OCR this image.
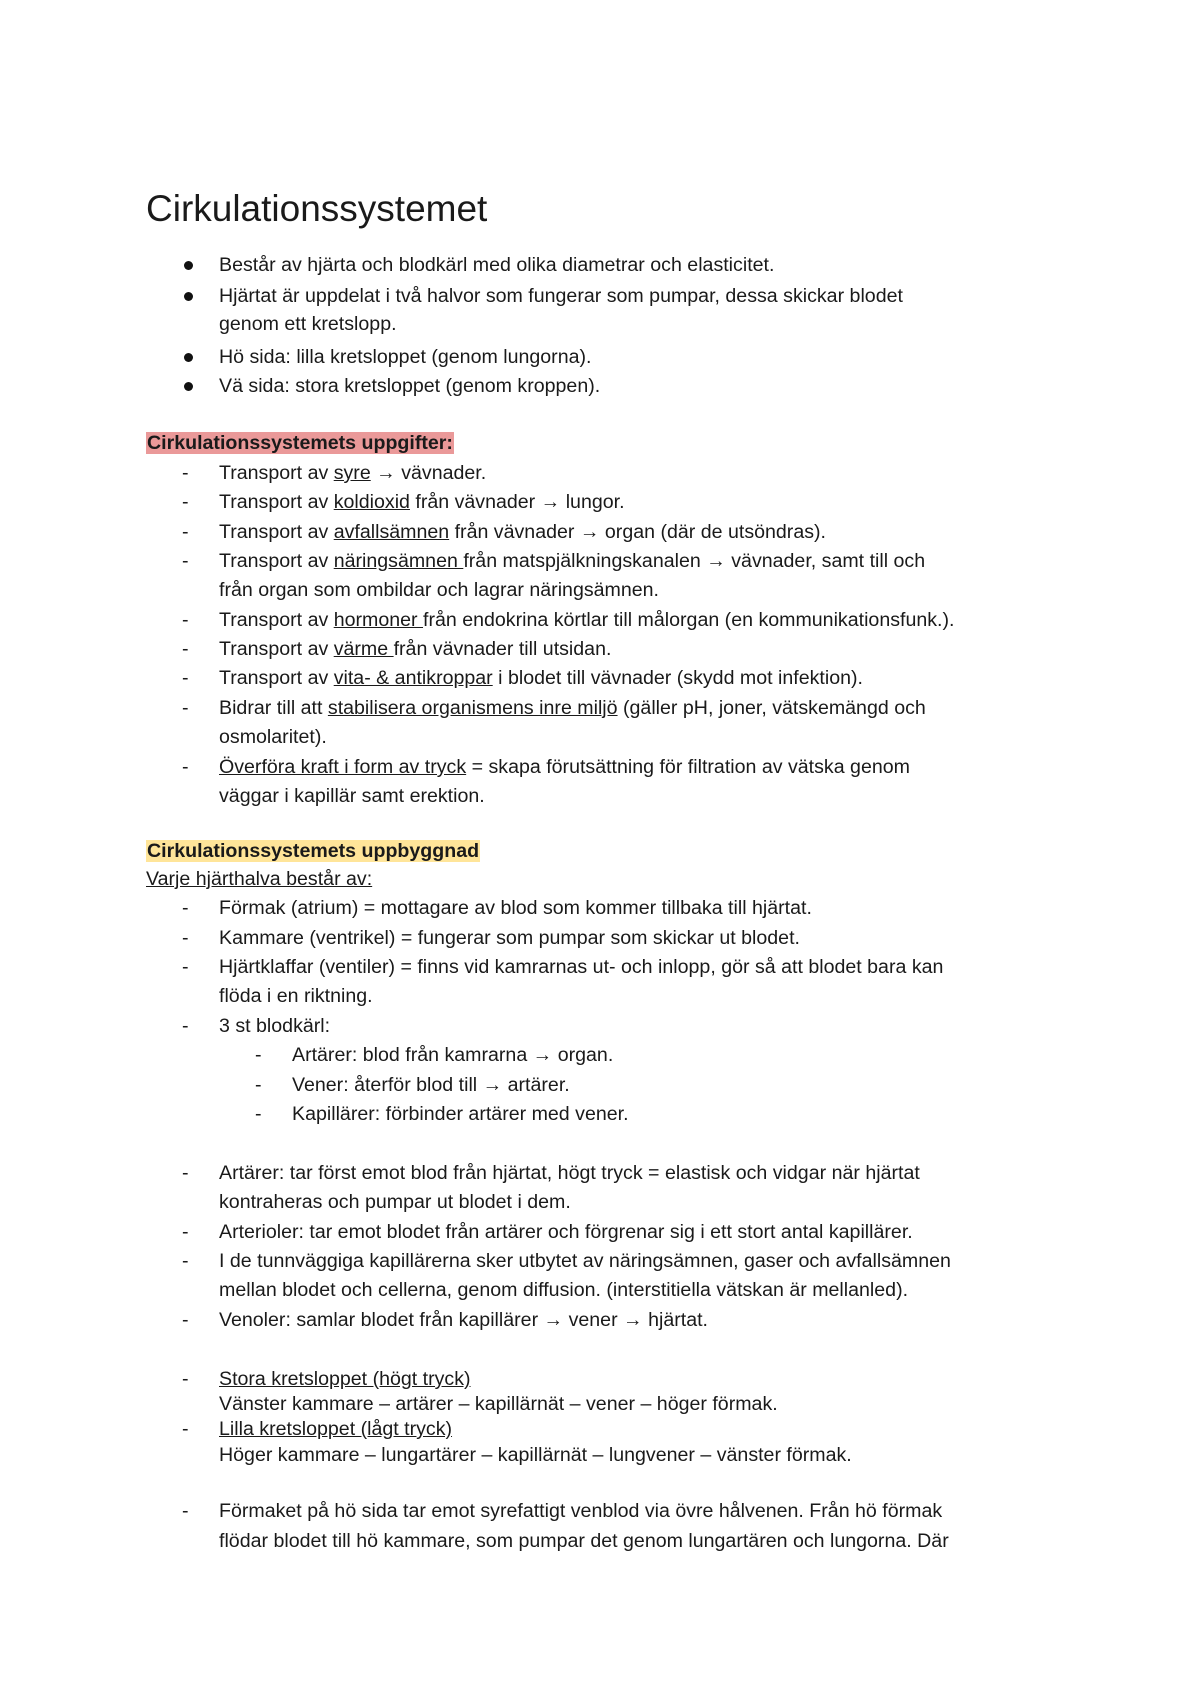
Cirkulationssystemet
Består av hjärta och blodkärl med olika diametrar och elasticitet.
Hjärtat är uppdelat i två halvor som fungerar som pumpar, dessa skickar blodet
genom ett kretslopp.
Hö sida: lilla kretsloppet (genom lungorna).
Vä sida: stora kretsloppet (genom kroppen).
Cirkulationssystemets uppgifter:
- Transport av syre → vävnader.
- Transport av koldioxid från vävnader → lungor.
- Transport av avfallsämnen från vävnader → organ (där de utsöndras).
- Transport av näringsämnen från matspjälkningskanalen → vävnader, samt till och
från organ som ombildar och lagrar näringsämnen.
- Transport av hormoner från endokrina körtlar till målorgan (en kommunikationsfunk.).
- Transport av värme från vävnader till utsidan.
- Transport av vita- & antikroppar i blodet till vävnader (skydd mot infektion).
- Bidrar till att stabilisera organismens inre miljö (gäller pH, joner, vätskemängd och
osmolaritet).
- Överföra kraft i form av tryck = skapa förutsättning för filtration av vätska genom
väggar i kapillär samt erektion.
Cirkulationssystemets uppbyggnad
Varje hjärthalva består av:
- Förmak (atrium) = mottagare av blod som kommer tillbaka till hjärtat.
- Kammare (ventrikel) = fungerar som pumpar som skickar ut blodet.
- Hjärtklaffar (ventiler) = finns vid kamrarnas ut- och inlopp, gör så att blodet bara kan
flöda i en riktning.
- 3 st blodkärl:
- Artärer: blod från kamrarna → organ.
- Vener: återför blod till → artärer.
- Kapillärer: förbinder artärer med vener.
- Artärer: tar först emot blod från hjärtat, högt tryck = elastisk och vidgar när hjärtat
kontraheras och pumpar ut blodet i dem.
- Arterioler: tar emot blodet från artärer och förgrenar sig i ett stort antal kapillärer.
- I de tunnväggiga kapillärerna sker utbytet av näringsämnen, gaser och avfallsämnen
mellan blodet och cellerna, genom diffusion. (interstitiella vätskan är mellanled).
- Venoler: samlar blodet från kapillärer → vener → hjärtat.
- Stora kretsloppet (högt tryck)
Vänster kammare – artärer – kapillärnät – vener – höger förmak.
- Lilla kretsloppet (lågt tryck)
Höger kammare – lungartärer – kapillärnät – lungvener – vänster förmak.
- Förmaket på hö sida tar emot syrefattigt venblod via övre hålvenen. Från hö förmak
flödar blodet till hö kammare, som pumpar det genom lungartären och lungorna. Där
